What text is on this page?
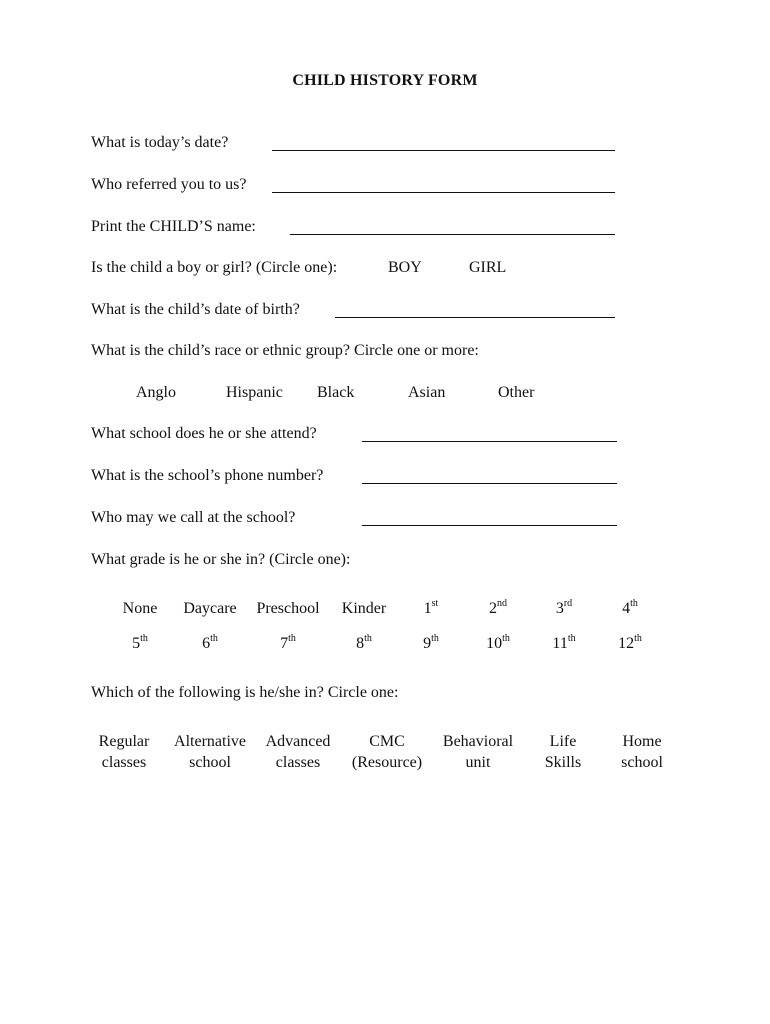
CHILD HISTORY FORM
What is today’s date?
Who referred you to us?
Print the CHILD’S name:
Is the child a boy or girl? (Circle one):	BOY	GIRL
What is the child’s date of birth?
What is the child’s race or ethnic group? Circle one or more:
Anglo	Hispanic Black	Asian	Other
What school does he or she attend?
What is the school’s phone number?
Who may we call at the school?
What grade is he or she in? (Circle one):
None Daycare Preschool Kinder 1st	2nd	3rd	4th
5th	6th	7th	8th	9th	10th	11th	12th
Which of the following is he/she in? Circle one:
Regular
classes
Alternative
school
Advanced
classes
CMC
(Resource)
Behavioral
unit
Life
Skills
Home
school
